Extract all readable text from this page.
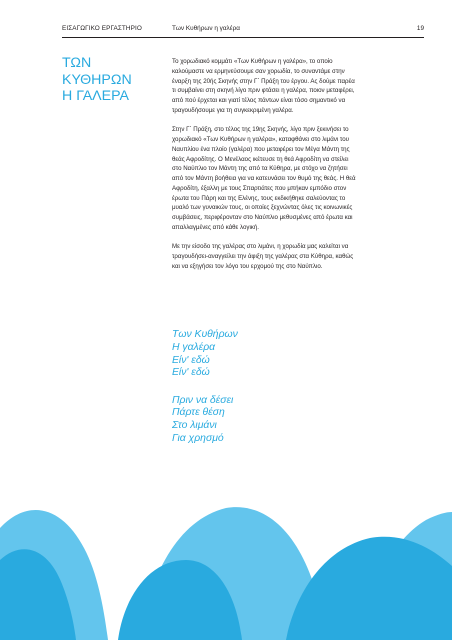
ΕΙΣΑΓΩΓΙΚΟ ΕΡΓΑΣΤΗΡΙΟ	Των Κυθήρων η γαλέρα	19
ΤΩΝ
ΚΥΘΗΡΩΝ
Η ΓΑΛΕΡΑ

Το χορωδιακό κομμάτι «Των Κυθήρων η γαλέρα», το οποίο
καλούμαστε να ερμηνεύσουμε σαν χορωδία, το συναντάμε στην
έναρξη της 20ής Σκηνής στην Γ΄ Πράξη του έργου. Ας δούμε παρέα
τι συμβαίνει στη σκηνή λίγο πριν φτάσει η γαλέρα, ποιον μεταφέρει,
από πού έρχεται και γιατί τέλος πάντων είναι τόσο σημαντικό να
τραγουδήσουμε για τη συγκεκριμένη γαλέρα.

Στην Γ΄ Πράξη, στο τέλος της 19ης Σκηνής, λίγο πριν ξεκινήσει το
χορωδιακό «Των Κυθήρων η γαλέρα», καταφθάνει στο λιμάνι του
Ναυπλίου ένα πλοίο (γαλέρα) που μεταφέρει τον Μέγα Μάντη της
θεάς Αφροδίτης. Ο Μενέλαος ικέτευσε τη θεά Αφροδίτη να στείλει
στο Ναύπλιο τον Μάντη της από τα Κύθηρα, με στόχο να ζητήσει
από τον Μάντη βοήθεια για να κατευνάσει τον θυμό της θεάς. Η θεά
Αφροδίτη, έξαλλη με τους Σπαρτιάτες που μπήκαν εμπόδιο στον
έρωτα του Πάρη και της Ελένης, τους εκδικήθηκε σαλεύοντας το
μυαλό των γυναικών τους, οι οποίες ξεχνώντας όλες τις κοινωνικές
συμβάσεις, περιφέρονταν στο Ναύπλιο μεθυσμένες από έρωτα και
απαλλαγμένες από κάθε λογική.

Με την είσοδο της γαλέρας στο λιμάνι, η χορωδία μας καλείται να
τραγουδήσει-αναγγείλει την άφιξη της γαλέρας στα Κύθηρα, καθώς
και να εξηγήσει τον λόγο του ερχομού της στο Ναύπλιο.

Των Κυθήρων
Η γαλέρα
Είν' εδώ
Είν' εδώ
Πριν να δέσει
Πάρτε θέση
Στο λιμάνι
Για χρησμό
